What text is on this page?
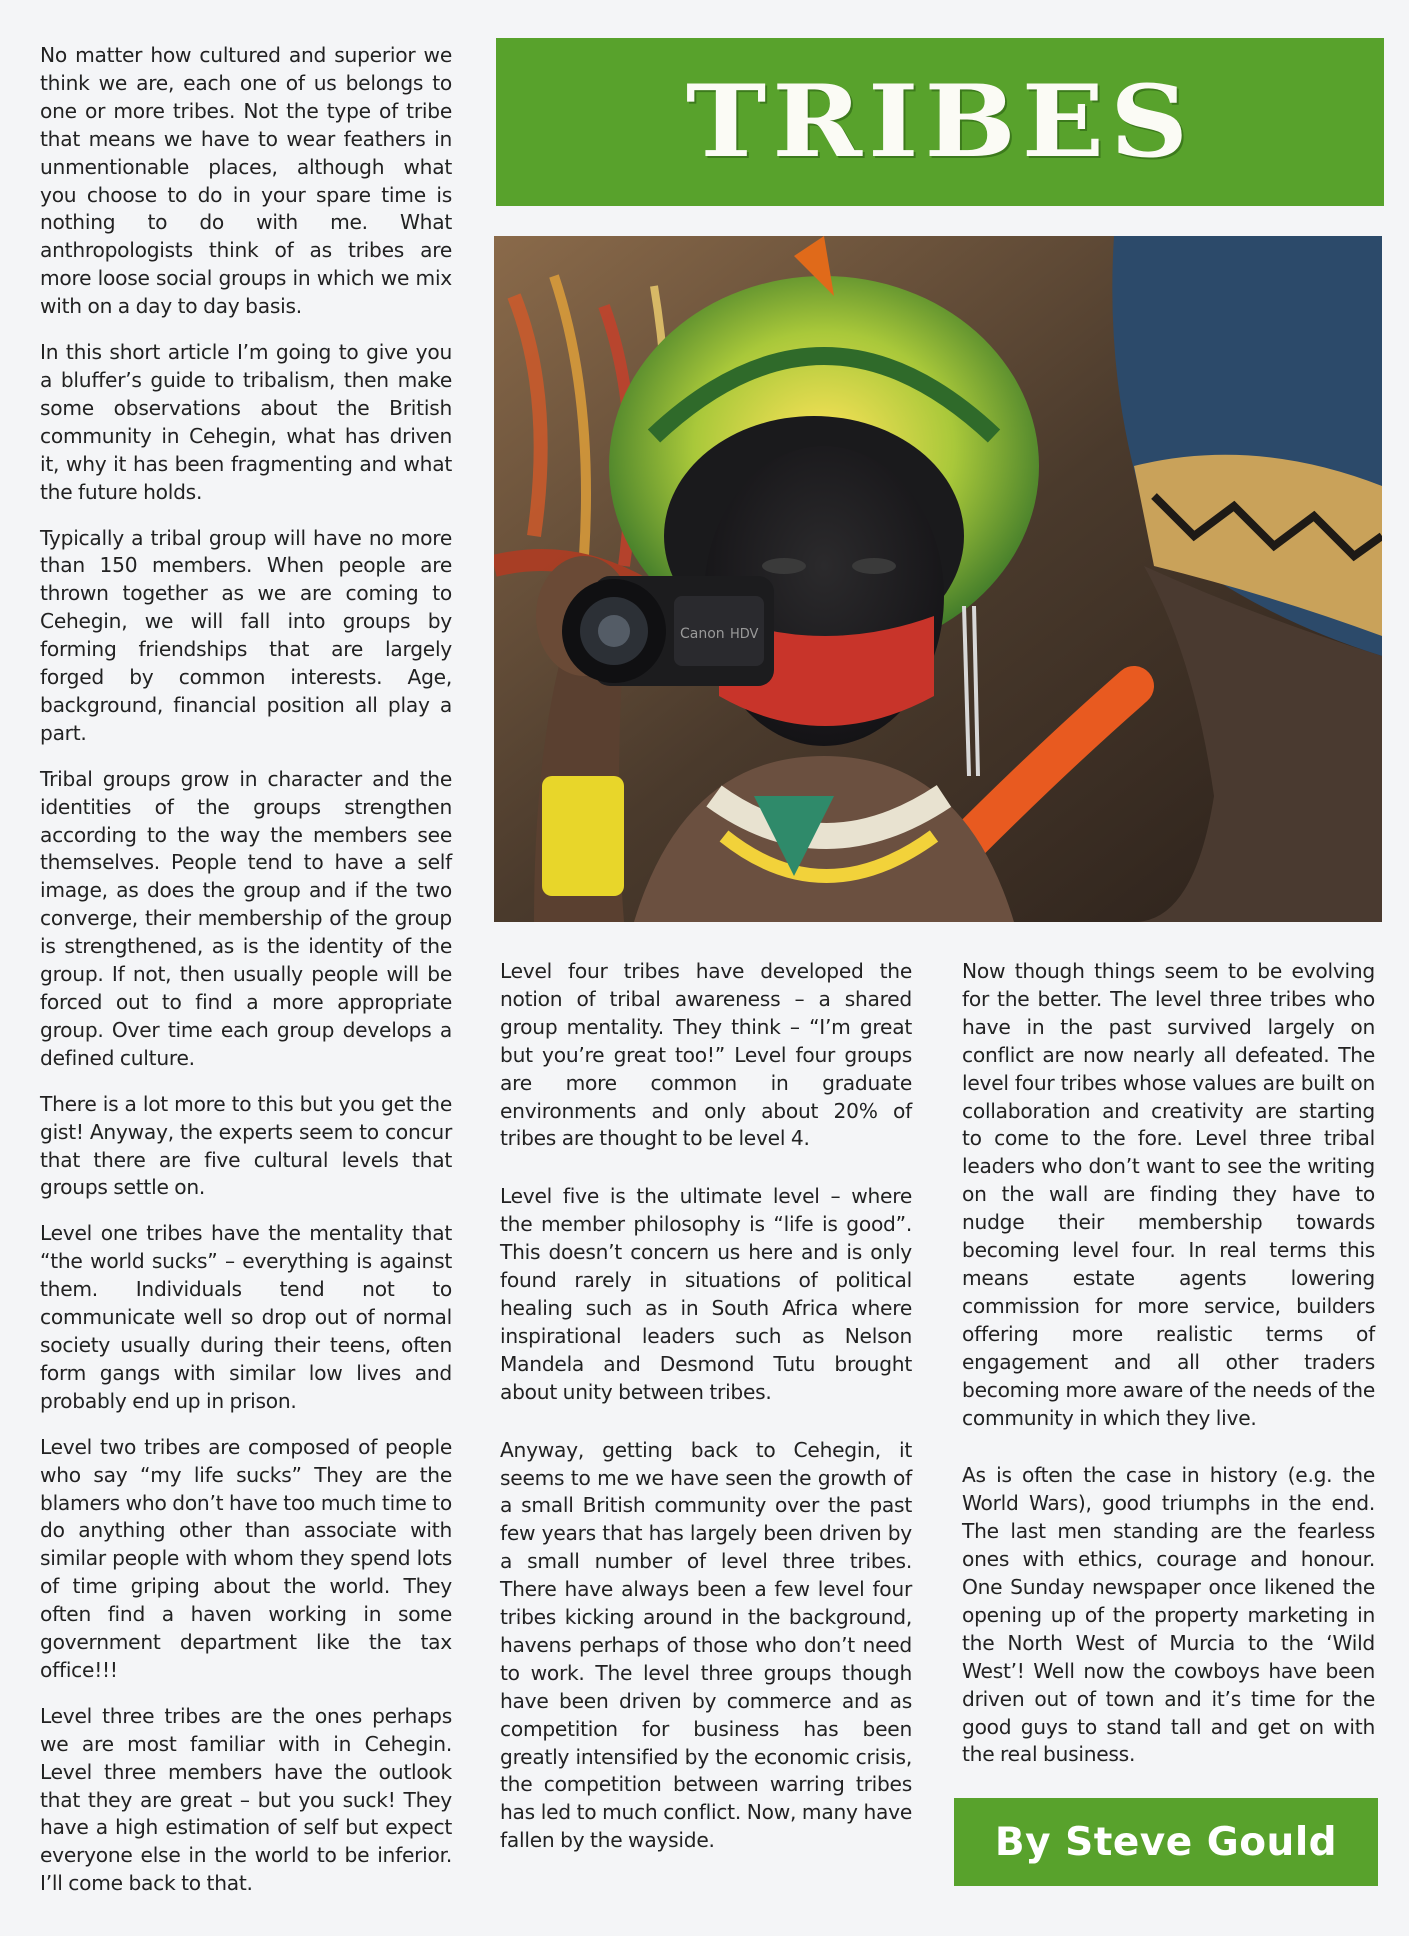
No matter how cultured and superior we think we are, each one of us belongs to one or more tribes. Not the type of tribe that means we have to wear feathers in unmentionable places, although what you choose to do in your spare time is nothing to do with me. What anthropologists think of as tribes are more loose social groups in which we mix with on a day to day basis.

In this short article I’m going to give you a bluffer’s guide to tribalism, then make some observations about the British community in Cehegin, what has driven it, why it has been fragmenting and what the future holds.

Typically a tribal group will have no more than 150 members. When people are thrown together as we are coming to Cehegin, we will fall into groups by forming friendships that are largely forged by common interests. Age, background, financial position all play a part.

Tribal groups grow in character and the identities of the groups strengthen according to the way the members see themselves. People tend to have a self image, as does the group and if the two converge, their membership of the group is strengthened, as is the identity of the group. If not, then usually people will be forced out to find a more appropriate group. Over time each group develops a defined culture.

There is a lot more to this but you get the gist! Anyway, the experts seem to concur that there are five cultural levels that groups settle on.

Level one tribes have the mentality that “the world sucks” – everything is against them. Individuals tend not to communicate well so drop out of normal society usually during their teens, often form gangs with similar low lives and probably end up in prison.

Level two tribes are composed of people who say “my life sucks” They are the blamers who don’t have too much time to do anything other than associate with similar people with whom they spend lots of time griping about the world. They often find a haven working in some government department like the tax office!!!

Level three tribes are the ones perhaps we are most familiar with in Cehegin. Level three members have the outlook that they are great – but you suck! They have a high estimation of self but expect everyone else in the world to be inferior. I’ll come back to that.

TRIBES
Canon HDV

Level four tribes have developed the notion of tribal awareness – a shared group mentality. They think – “I’m great but you’re great too!” Level four groups are more common in graduate environments and only about 20% of tribes are thought to be level 4.

Level five is the ultimate level – where the member philosophy is “life is good”. This doesn’t concern us here and is only found rarely in situations of political healing such as in South Africa where inspirational leaders such as Nelson Mandela and Desmond Tutu brought about unity between tribes.

Anyway, getting back to Cehegin, it seems to me we have seen the growth of a small British community over the past few years that has largely been driven by a small number of level three tribes. There have always been a few level four tribes kicking around in the background, havens perhaps of those who don’t need to work. The level three groups though have been driven by commerce and as competition for business has been greatly intensified by the economic crisis, the competition between warring tribes has led to much conflict. Now, many have fallen by the wayside.

Now though things seem to be evolving for the better. The level three tribes who have in the past survived largely on conflict are now nearly all defeated. The level four tribes whose values are built on collaboration and creativity are starting to come to the fore. Level three tribal leaders who don’t want to see the writing on the wall are finding they have to nudge their membership towards becoming level four. In real terms this means estate agents lowering commission for more service, builders offering more realistic terms of engagement and all other traders becoming more aware of the needs of the community in which they live.

As is often the case in history (e.g. the World Wars), good triumphs in the end. The last men standing are the fearless ones with ethics, courage and honour. One Sunday newspaper once likened the opening up of the property marketing in the North West of Murcia to the ‘Wild West’! Well now the cowboys have been driven out of town and it’s time for the good guys to stand tall and get on with the real business.

By Steve Gould
